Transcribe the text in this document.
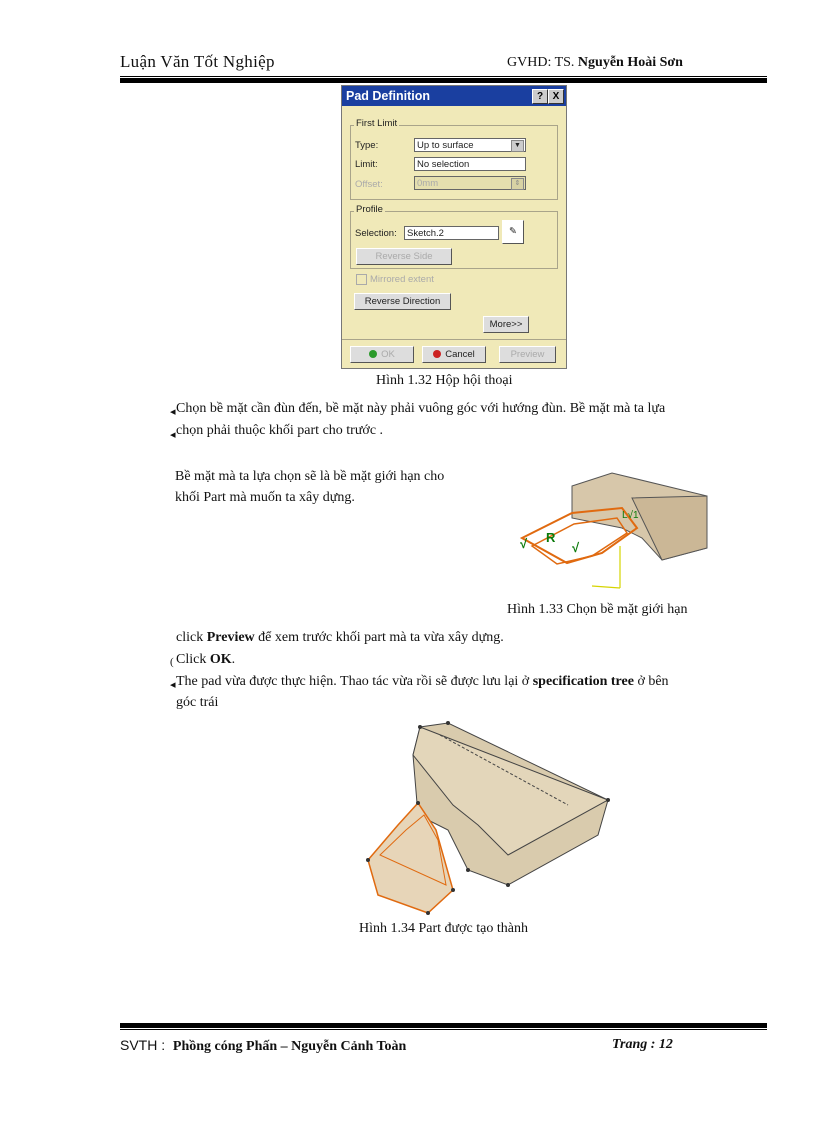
Luận Văn Tốt Nghiệp	GVHD: TS. Nguyễn Hoài Sơn
Pad Definition	? X
First Limit
Type:	Up to surface	▼
Limit:	No selection
Offset:	0mm	⇕
Profile
Selection:	Sketch.2	✎
Reverse Side
Mirrored extent
Reverse Direction
More>>
OK	Cancel	Preview
Hình 1.32 Hộp hội thoại
◂ Chọn bề mặt cần đùn đến, bề mặt này phải vuông góc với hướng đùn. Bề mặt mà ta lựa
◂ chọn phải thuộc khối part cho trước .
Bề mặt mà ta lựa chọn sẽ là bề mặt giới hạn cho
khối Part mà muốn ta xây dựng.
L√1
√ R
√
Hình 1.33 Chọn bề mặt giới hạn
click Preview để xem trước khối part mà ta vừa xây dựng.
( Click OK.
◂ The pad vừa được thực hiện. Thao tác vừa rồi sẽ được lưu lại ở specification tree ở bên
góc trái
Hình 1.34 Part được tạo thành
SVTH : Phồng cóng Phấn – Nguyễn Cảnh Toàn	Trang : 12
